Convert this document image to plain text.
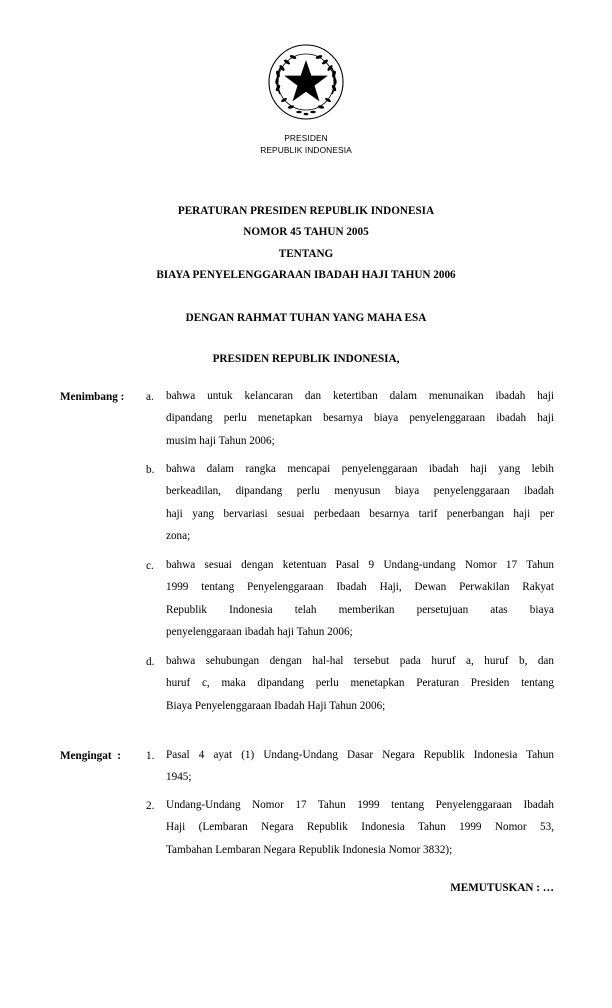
PRESIDEN
REPUBLIK INDONESIA
PERATURAN PRESIDEN REPUBLIK INDONESIA
NOMOR 45 TAHUN 2005
TENTANG
BIAYA PENYELENGGARAAN IBADAH HAJI TAHUN 2006
DENGAN RAHMAT TUHAN YANG MAHA ESA
PRESIDEN REPUBLIK INDONESIA,
Menimbang : a.	bahwa untuk kelancaran dan ketertiban dalam menunaikan ibadah haji
dipandang perlu menetapkan besarnya biaya penyelenggaraan ibadah haji
musim haji Tahun 2006;
b.	bahwa dalam rangka mencapai penyelenggaraan ibadah haji yang lebih
berkeadilan, dipandang perlu menyusun biaya penyelenggaraan ibadah
haji yang bervariasi sesuai perbedaan besarnya tarif penerbangan haji per
zona;
c.	bahwa sesuai dengan ketentuan Pasal 9 Undang-undang Nomor 17 Tahun
1999 tentang Penyelenggaraan Ibadah Haji, Dewan Perwakilan Rakyat
Republik Indonesia telah memberikan persetujuan atas biaya
penyelenggaraan ibadah haji Tahun 2006;
d.	bahwa sehubungan dengan hal-hal tersebut pada huruf a, huruf b, dan
huruf c, maka dipandang perlu menetapkan Peraturan Presiden tentang
Biaya Penyelenggaraan Ibadah Haji Tahun 2006;
Mengingat : 1.	Pasal 4 ayat (1) Undang-Undang Dasar Negara Republik Indonesia Tahun
1945;
2.	Undang-Undang Nomor 17 Tahun 1999 tentang Penyelenggaraan Ibadah
Haji (Lembaran Negara Republik Indonesia Tahun 1999 Nomor 53,
Tambahan Lembaran Negara Republik Indonesia Nomor 3832);
MEMUTUSKAN : …
